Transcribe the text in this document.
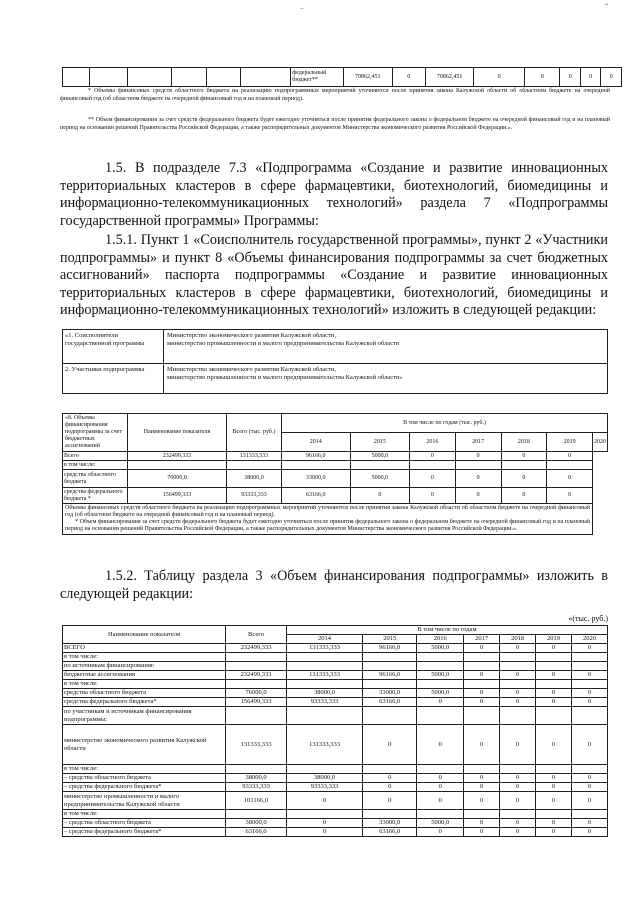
_	“
						федеральный бюджет**	70862,451	0	70862,451	0	0	0	0	0
* Объемы финансовых средств областного бюджета на реализацию подпрограммных мероприятий уточняются после принятия закона Калужской области об областном бюджете на очередной финансовый год (об областном бюджете на очередной финансовый год и на плановый период).
** Объем финансирования за счет средств федерального бюджета будет ежегодно уточняться после принятия федерального закона о федеральном бюджете на очередной финансовый год и на плановый период на основании решений Правительства Российской Федерации, а также распорядительных документов Министерства экономического развития Российской Федерации.».

1.5. В подразделе 7.3 «Подпрограмма «Создание и развитие инновационных территориальных кластеров в сфере фармацевтики, биотехнологий, биомедицины и информационно-телекоммуникационных технологий» раздела 7 «Подпрограммы государственной программы» Программы:

1.5.1. Пункт 1 «Соисполнитель государственной программы», пункт 2 «Участники подпрограммы» и пункт 8 «Объемы финансирования подпрограммы за счет бюджетных ассигнований» паспорта подпрограммы «Создание и развитие инновационных территориальных кластеров в сфере фармацевтики, биотехнологий, биомедицины и информационно-телекоммуникационных технологий» изложить в следующей редакции:

«1. Соисполнители государственной программы	Министерство экономического развития Калужской области,
министерство промышленности и малого предпринимательства Калужской области

2. Участники подпрограммы	Министерство экономического развития Калужской области,
министерство промышленности и малого предпринимательства Калужской области»
«8. Объемы финансирования подпрограммы за счет бюджетных ассигнований	Наименование показателя	Всего (тыс. руб.)	В том числе по годам (тыс. руб.)						
			2014	2015	2016	2017	2018	2019	2020
Всего	232499,333	131333,333	96166,0	5000,0	0	0	0	0	
в том числе:									
средства областного бюджета	76000,0	38000,0	33000,0	5000,0	0	0	0	0	
средства федерального бюджета *	156499,333	93333,333	63166,0	0	0	0	0	0	

Объемы финансовых средств областного бюджета на реализацию подпрограммных мероприятий уточняются после принятия закона Калужской области об областном бюджете на очередной финансовый год (об областном бюджете на очередной финансовый год и на плановый период).
* Объем финансирования за счет средств федерального бюджета будет ежегодно уточняться после принятия федерального закона о федеральном бюджете на очередной финансовый год и на плановый период на основании решений Правительства Российской Федерации, а также распорядительных документов Министерства экономического развития Российской Федерации.».									

1.5.2. Таблицу раздела 3 «Объем финансирования подпрограммы» изложить в следующей редакции:

«(тыс. руб.)
Наименование показателя	Всего	В том числе по годам						
		2014	2015	2016	2017	2018	2019	2020
ВСЕГО	232499,333	131333,333	96166,0	5000,0	0	0	0	0
в том числе:								
по источникам финансирования:								
бюджетные ассигнования	232499,333	131333,333	96166,0	5000,0	0	0	0	0
в том числе:								
средства областного бюджета	76000,0	38000,0	33000,0	5000,0	0	0	0	0
средства федерального бюджета*	156499,333	93333,333	63166,0	0	0	0	0	0
по участникам и источникам финансирования подпрограммы:								
министерство экономического развития Калужской области	131333,333	131333,333	0	0	0	0	0	0
в том числе:								
– средства областного бюджета	38000,0	38000,0	0	0	0	0	0	0
– средства федерального бюджета*	93333,333	93333,333	0	0	0	0	0	0
министерство промышленности и малого предпринимательства Калужской области	101166,0	0	0	0	0	0	0	0
в том числе:								
– средства областного бюджета	38000,0	0	33000,0	5000,0	0	0	0	0
– средства федерального бюджета*	63166,0	0	63166,0	0	0	0	0	0
